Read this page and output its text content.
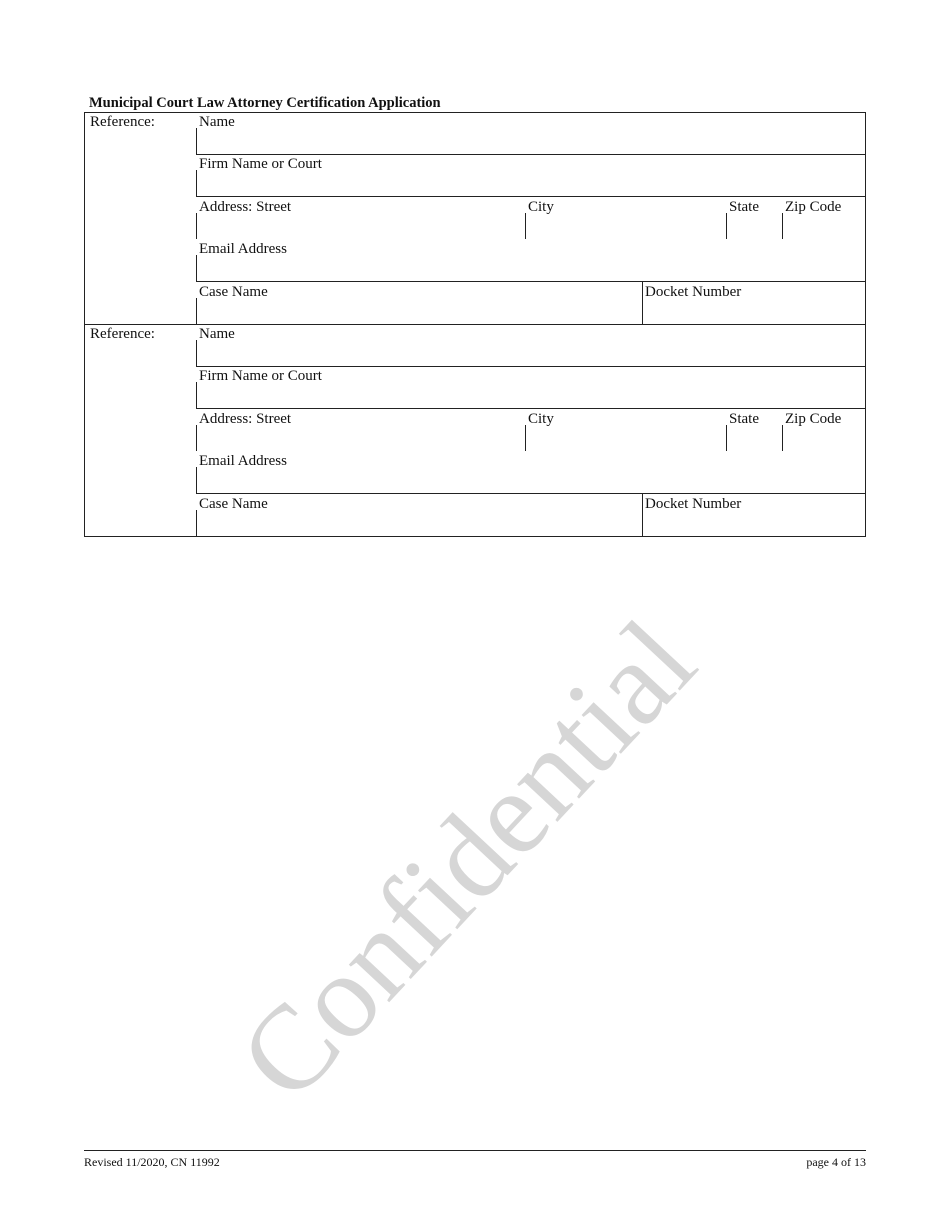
Confidential
Municipal Court Law Attorney Certification Application
Reference:	Name
Firm Name or Court
Address: Street	City	State Zip Code
Email Address
Case Name	Docket Number
Reference:	Name
Firm Name or Court
Address: Street	City	State Zip Code
Email Address
Case Name	Docket Number
Revised 11/2020, CN 11992	page 4 of 13
